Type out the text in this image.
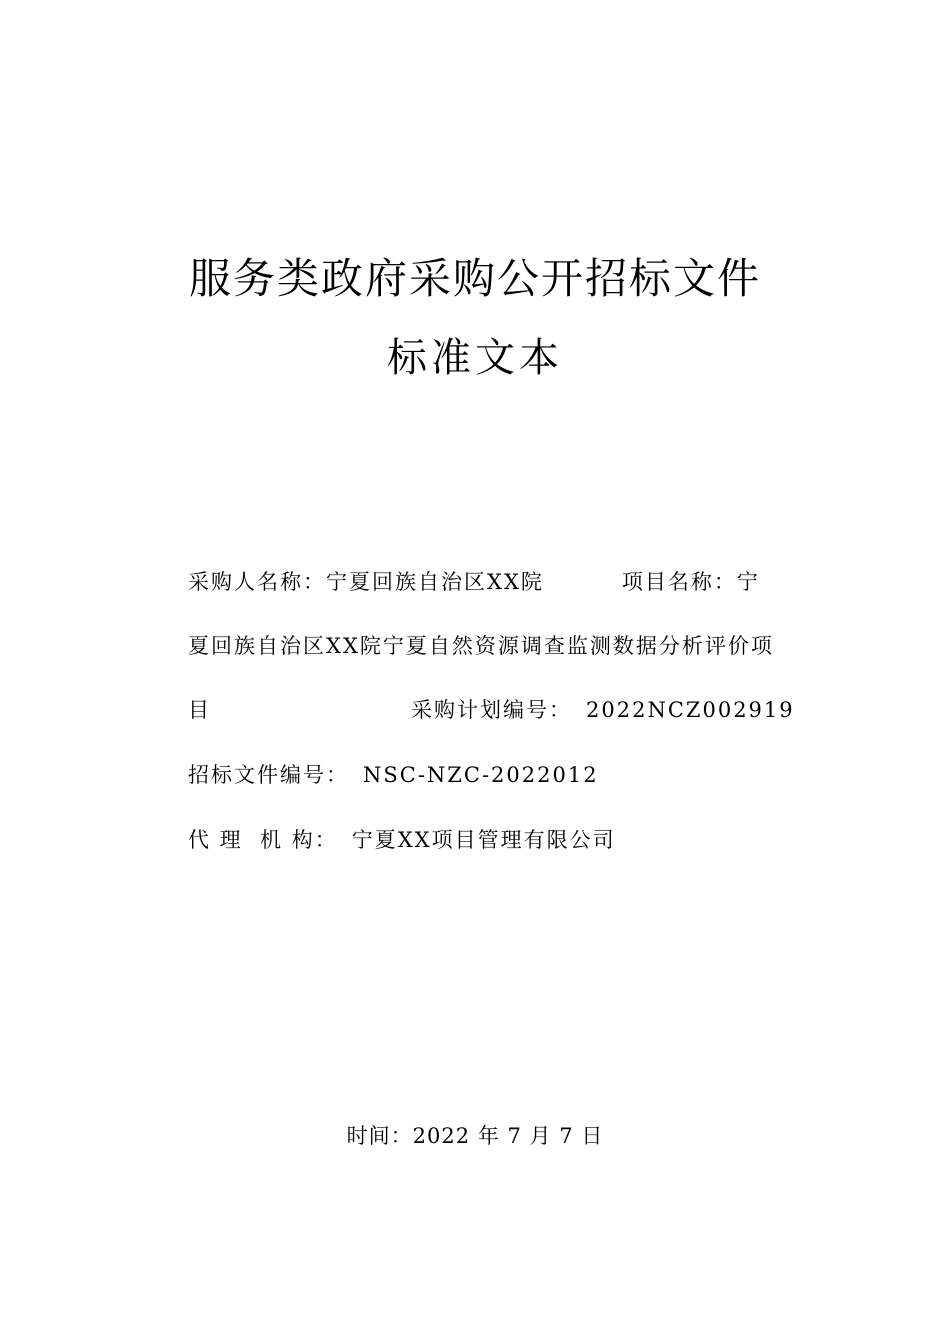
服务类政府采购公开招标文件
标准文本
采购人名称：宁夏回族自治区XX院	项目名称：宁
夏回族自治区XX院宁夏自然资源调查监测数据分析评价项
目	采购计划编号： 2022NCZ002919
招标文件编号： NSC-NZC-2022012
代 理  机 构： 宁夏XX项目管理有限公司
时间：2022 年 7 月 7 日
